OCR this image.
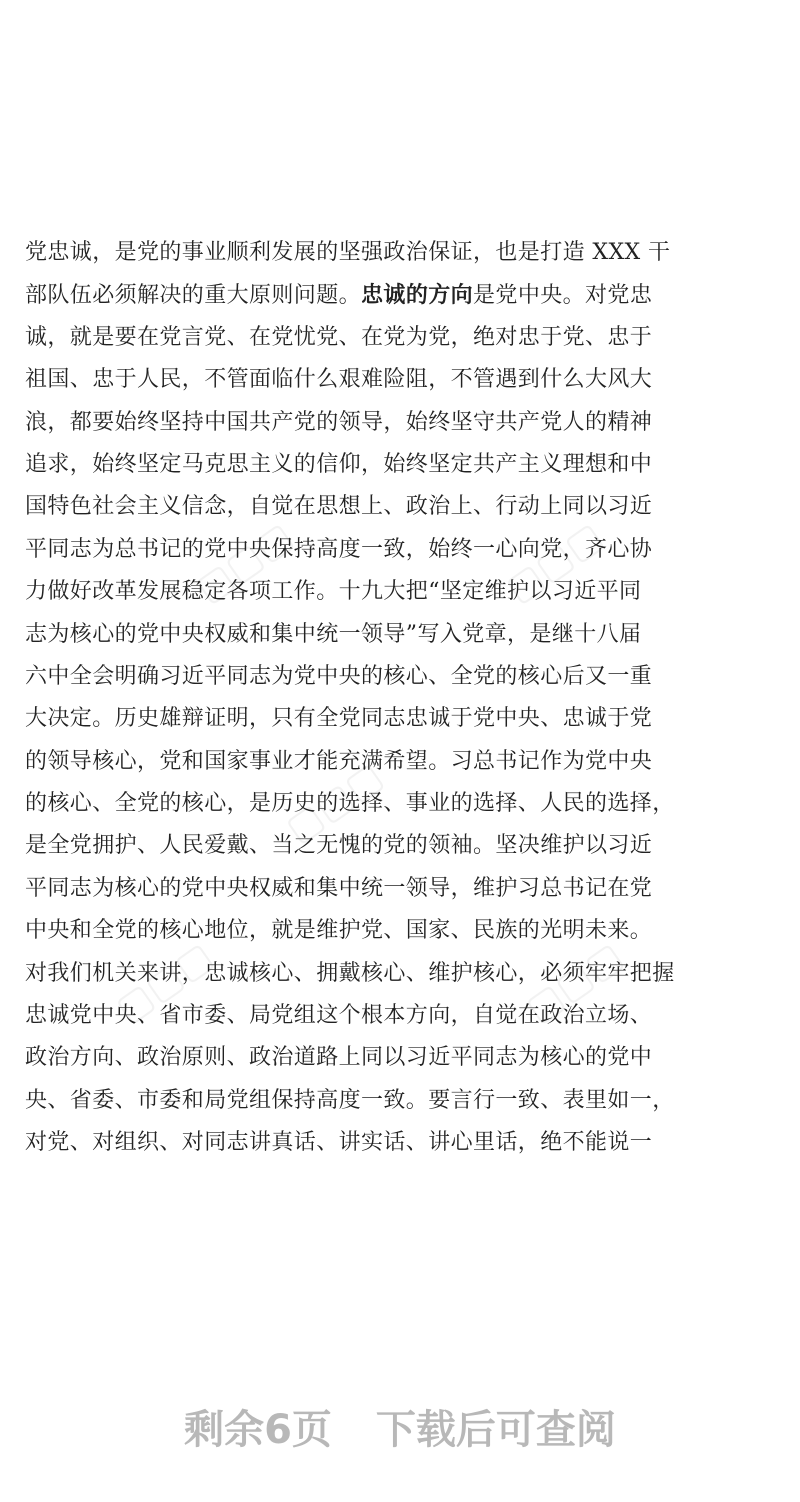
▢▢▢	▢▢▢
▢▢▢
▢▢▢	▢▢▢
党忠诚，是党的事业顺利发展的坚强政治保证，也是打造 XXX 干
部队伍必须解决的重大原则问题。忠诚的方向是党中央。对党忠
诚，就是要在党言党、在党忧党、在党为党，绝对忠于党、忠于
祖国、忠于人民，不管面临什么艰难险阻，不管遇到什么大风大
浪，都要始终坚持中国共产党的领导，始终坚守共产党人的精神
追求，始终坚定马克思主义的信仰，始终坚定共产主义理想和中
国特色社会主义信念，自觉在思想上、政治上、行动上同以习近
平同志为总书记的党中央保持高度一致，始终一心向党，齐心协
力做好改革发展稳定各项工作。十九大把“坚定维护以习近平同
志为核心的党中央权威和集中统一领导”写入党章，是继十八届
六中全会明确习近平同志为党中央的核心、全党的核心后又一重
大决定。历史雄辩证明，只有全党同志忠诚于党中央、忠诚于党
的领导核心，党和国家事业才能充满希望。习总书记作为党中央
的核心、全党的核心，是历史的选择、事业的选择、人民的选择，
是全党拥护、人民爱戴、当之无愧的党的领袖。坚决维护以习近
平同志为核心的党中央权威和集中统一领导，维护习总书记在党
中央和全党的核心地位，就是维护党、国家、民族的光明未来。
对我们机关来讲，忠诚核心、拥戴核心、维护核心，必须牢牢把握
忠诚党中央、省市委、局党组这个根本方向，自觉在政治立场、
政治方向、政治原则、政治道路上同以习近平同志为核心的党中
央、省委、市委和局党组保持高度一致。要言行一致、表里如一，
对党、对组织、对同志讲真话、讲实话、讲心里话，绝不能说一
剩余6页 下载后可查阅
